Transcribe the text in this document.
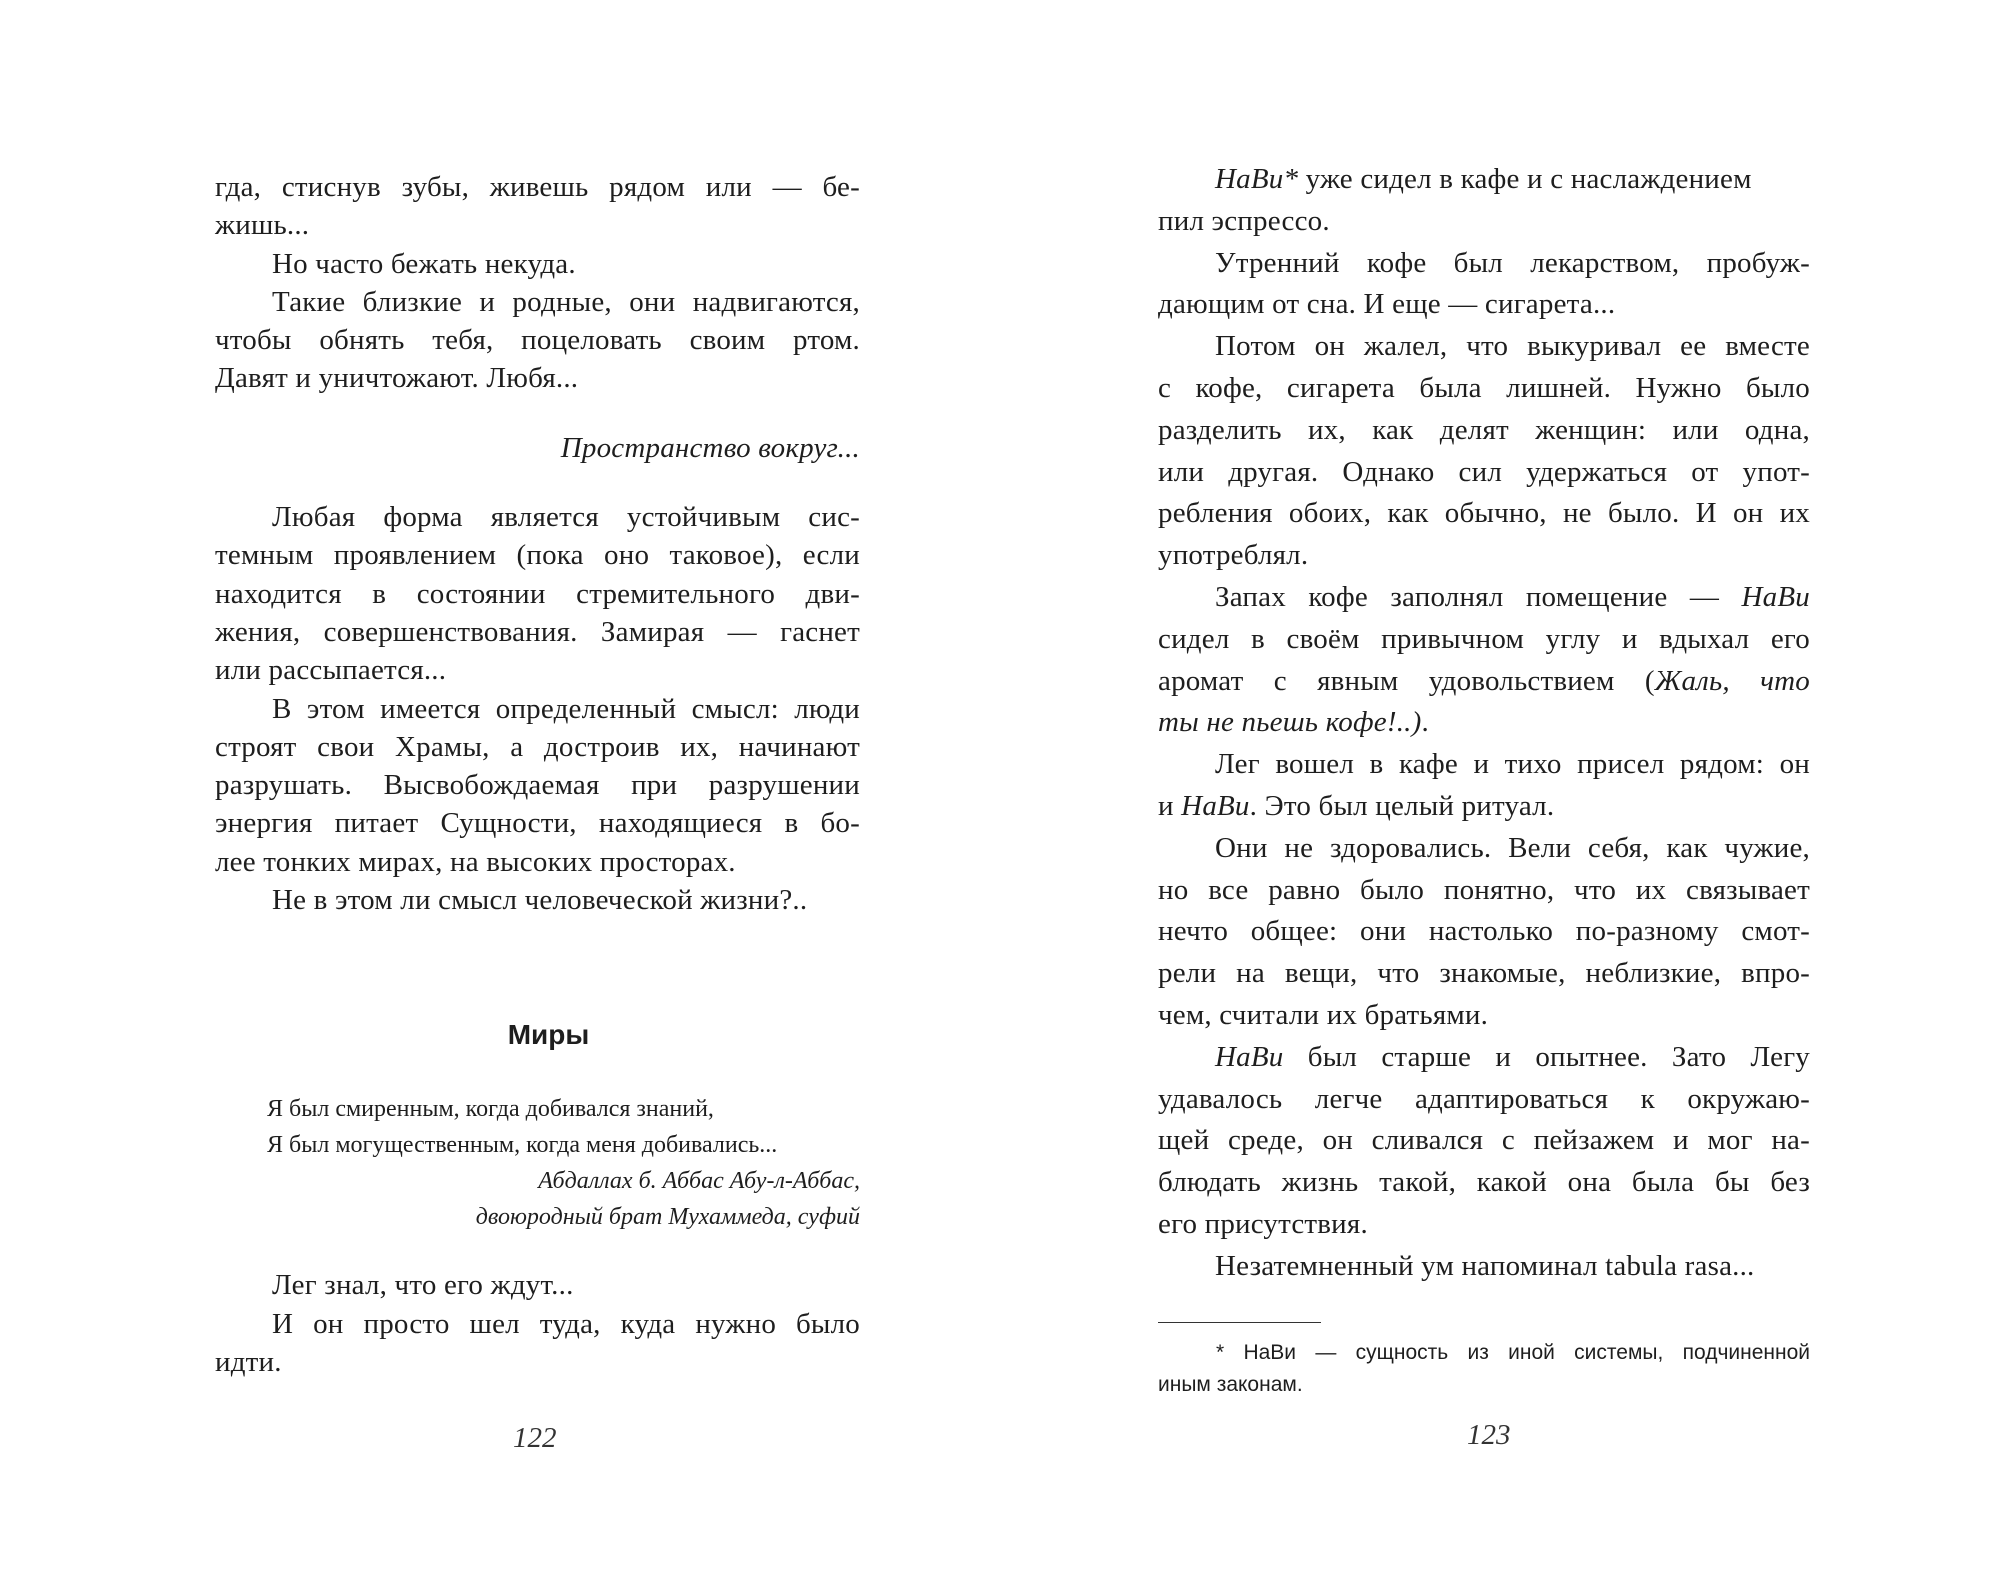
гда, стиснув зубы, живешь рядом или — бе-
жишь...
Но часто бежать некуда.
Такие близкие и родные, они надвигаются,
чтобы обнять тебя, поцеловать своим ртом.
Давят и уничтожают. Любя...
Пространство вокруг...
Любая форма является устойчивым сис-
темным проявлением (пока оно таковое), если
находится в состоянии стремительного дви-
жения, совершенствования. Замирая — гаснет
или рассыпается...
В этом имеется определенный смысл: люди
строят свои Храмы, а достроив их, начинают
разрушать. Высвобождаемая при разрушении
энергия питает Сущности, находящиеся в бо-
лее тонких мирах, на высоких просторах.
Не в этом ли смысл человеческой жизни?..
Миры
Я был смиренным, когда добивался знаний,
Я был могущественным, когда меня добивались...
Абдаллах б. Аббас Абу-л-Аббас,
двоюродный брат Мухаммеда, суфий
Лег знал, что его ждут...
И он просто шел туда, куда нужно было
идти.
122
НаВи* уже сидел в кафе и с наслаждением
пил эспрессо.
Утренний кофе был лекарством, пробуж-
дающим от сна. И еще — сигарета...
Потом он жалел, что выкуривал ее вместе
с кофе, сигарета была лишней. Нужно было
разделить их, как делят женщин: или одна,
или другая. Однако сил удержаться от упот-
ребления обоих, как обычно, не было. И он их
употреблял.
Запах кофе заполнял помещение — НаВи
сидел в своём привычном углу и вдыхал его
аромат с явным удовольствием (Жаль, что
ты не пьешь кофе!..).
Лег вошел в кафе и тихо присел рядом: он
и НаВи. Это был целый ритуал.
Они не здоровались. Вели себя, как чужие,
но все равно было понятно, что их связывает
нечто общее: они настолько по-разному смот-
рели на вещи, что знакомые, неблизкие, впро-
чем, считали их братьями.
НаВи был старше и опытнее. Зато Легу
удавалось легче адаптироваться к окружаю-
щей среде, он сливался с пейзажем и мог на-
блюдать жизнь такой, какой она была бы без
его присутствия.
Незатемненный ум напоминал tabula rasa...
* НаВи — сущность из иной системы, подчиненной
иным законам.
123
